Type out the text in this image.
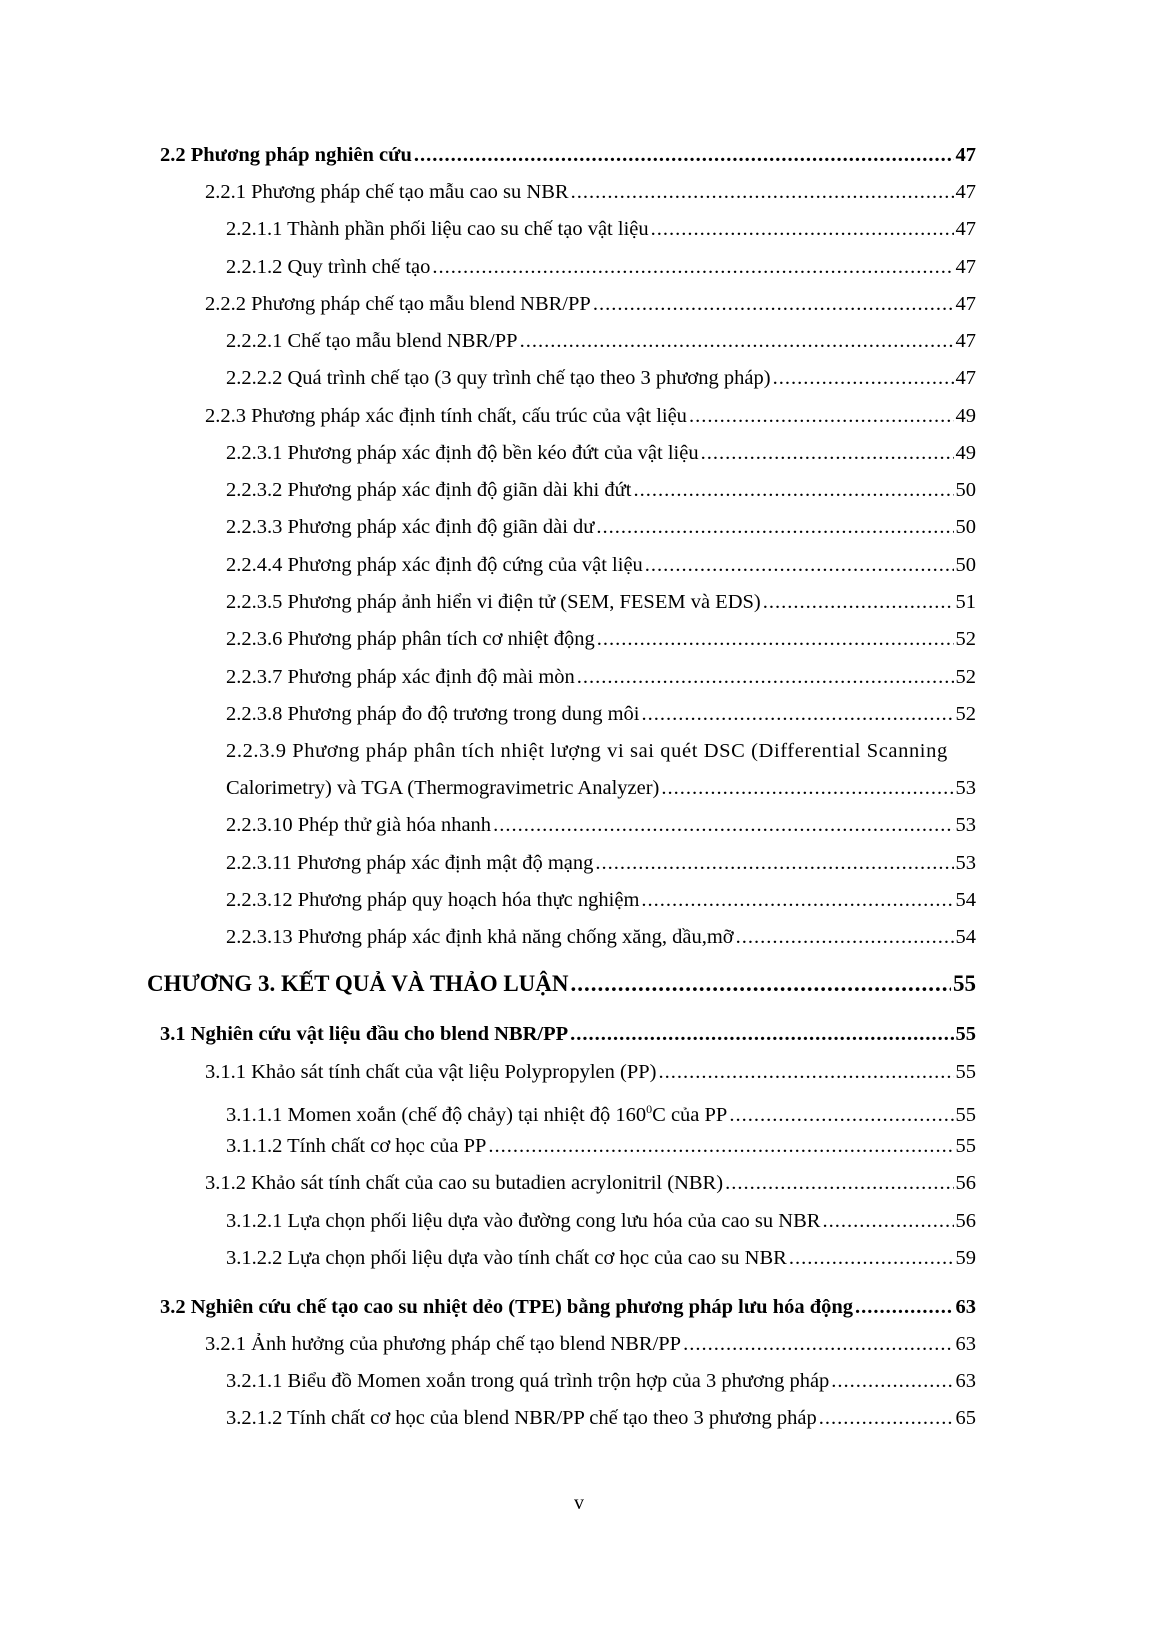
2.2 Phương pháp nghiên cứu .....	47
2.2.1 Phương pháp chế tạo mẫu cao su NBR .....	47
2.2.1.1 Thành phần phối liệu cao su chế tạo vật liệu .....	47
2.2.1.2 Quy trình chế tạo .....	47
2.2.2 Phương pháp chế tạo mẫu blend NBR/PP .....	47
2.2.2.1 Chế tạo mẫu blend NBR/PP .....	47
2.2.2.2 Quá trình chế tạo (3 quy trình chế tạo theo 3 phương pháp) .....	47
2.2.3 Phương pháp xác định tính chất, cấu trúc của vật liệu .....	49
2.2.3.1 Phương pháp xác định độ bền kéo đứt của vật liệu .....	49
2.2.3.2 Phương pháp xác định độ giãn dài khi đứt .....	50
2.2.3.3 Phương pháp xác định độ giãn dài dư .....	50
2.2.4.4 Phương pháp xác định độ cứng của vật liệu .....	50
2.2.3.5 Phương pháp ảnh hiển vi điện tử (SEM, FESEM và EDS) .....	51
2.2.3.6 Phương pháp phân tích cơ nhiệt động .....	52
2.2.3.7 Phương pháp xác định độ mài mòn .....	52
2.2.3.8 Phương pháp đo độ trương trong dung môi .....	52
2.2.3.9 Phương pháp phân tích nhiệt lượng vi sai quét DSC (Differential Scanning
Calorimetry) và TGA (Thermogravimetric Analyzer) .....	53
2.2.3.10 Phép thử già hóa nhanh .....	53
2.2.3.11 Phương pháp xác định mật độ mạng .....	53
2.2.3.12 Phương pháp quy hoạch hóa thực nghiệm .....	54
2.2.3.13 Phương pháp xác định khả năng chống xăng, dầu,mỡ .....	54
CHƯƠNG 3. KẾT QUẢ VÀ THẢO LUẬN .....	55
3.1 Nghiên cứu vật liệu đầu cho blend NBR/PP .....	55
3.1.1 Khảo sát tính chất của vật liệu Polypropylen (PP) .....	55
3.1.1.1 Momen xoắn (chế độ chảy) tại nhiệt độ $160^0C$ của PP .....	55
3.1.1.2 Tính chất cơ học của PP .....	55
3.1.2 Khảo sát tính chất của cao su butadien acrylonitril (NBR) .....	56
3.1.2.1 Lựa chọn phối liệu dựa vào đường cong lưu hóa của cao su NBR .....	56
3.1.2.2 Lựa chọn phối liệu dựa vào tính chất cơ học của cao su NBR .....	59
3.2 Nghiên cứu chế tạo cao su nhiệt dẻo (TPE) bằng phương pháp lưu hóa động .....	63
3.2.1 Ảnh hưởng của phương pháp chế tạo blend NBR/PP .....	63
3.2.1.1 Biểu đồ Momen xoắn trong quá trình trộn hợp của 3 phương pháp .....	63
3.2.1.2 Tính chất cơ học của blend NBR/PP chế tạo theo 3 phương pháp .....	65
v
